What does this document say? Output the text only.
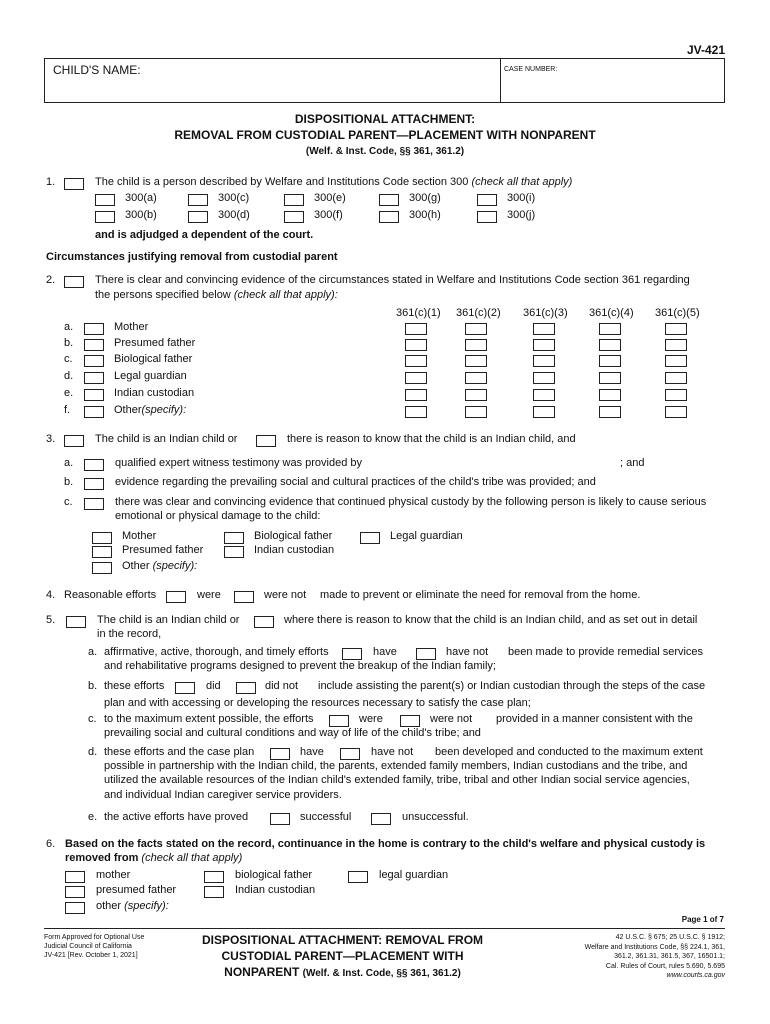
JV-421
CHILD'S NAME:	CASE NUMBER:
DISPOSITIONAL ATTACHMENT:
REMOVAL FROM CUSTODIAL PARENT—PLACEMENT WITH NONPARENT
(Welf. & Inst. Code, §§ 361, 361.2)
1.	The child is a person described by Welfare and Institutions Code section 300 (check all that apply)
300(a)	300(c)	300(e)	300(g)	300(i)
300(b)	300(d)	300(f)	300(h)	300(j)
and is adjudged a dependent of the court.
Circumstances justifying removal from custodial parent
2.	There is clear and convincing evidence of the circumstances stated in Welfare and Institutions Code section 361 regarding
the persons specified below (check all that apply):
361(c)(1) 361(c)(2) 361(c)(3) 361(c)(4) 361(c)(5)
a.	Mother
b.	Presumed father
c.	Biological father
d.	Legal guardian
e.	Indian custodian
f.	Other(specify):
3.	The child is an Indian child or	there is reason to know that the child is an Indian child, and
a.	qualified expert witness testimony was provided by	; and
b.	evidence regarding the prevailing social and cultural practices of the child's tribe was provided; and
c.	there was clear and convincing evidence that continued physical custody by the following person is likely to cause serious
emotional or physical damage to the child:
Mother	Biological father	Legal guardian
Presumed father	Indian custodian
Other (specify):
4. Reasonable efforts	were	were not made to prevent or eliminate the need for removal from the home.
5.	The child is an Indian child or	where there is reason to know that the child is an Indian child, and as set out in detail
in the record,
a. affirmative, active, thorough, and timely efforts	have	have not been made to provide remedial services
and rehabilitative programs designed to prevent the breakup of the Indian family;
b. these efforts	did	did not include assisting the parent(s) or Indian custodian through the steps of the case
plan and with accessing or developing the resources necessary to satisfy the case plan;
c. to the maximum extent possible, the efforts	were	were not provided in a manner consistent with the
prevailing social and cultural conditions and way of life of the child's tribe; and
d. these efforts and the case plan	have	have not been developed and conducted to the maximum extent
possible in partnership with the Indian child, the parents, extended family members, Indian custodians and the tribe, and
utilized the available resources of the Indian child's extended family, tribe, tribal and other Indian social service agencies,
and individual Indian caregiver service providers.
e. the active efforts have proved	successful	unsuccessful.
6. Based on the facts stated on the record, continuance in the home is contrary to the child's welfare and physical custody is
removed from (check all that apply)
mother	biological father	legal guardian
presumed father	Indian custodian
other (specify):
Page 1 of 7
Form Approved for Optional Use
Judicial Council of California
JV-421 [Rev. October 1, 2021]
DISPOSITIONAL ATTACHMENT: REMOVAL FROM
CUSTODIAL PARENT—PLACEMENT WITH
NONPARENT (Welf. & Inst. Code, §§ 361, 361.2)
42 U.S.C. § 675; 25 U.S.C. § 1912;
Welfare and Institutions Code, §§ 224.1, 361,
361.2, 361.31, 361.5, 367, 16501.1;
Cal. Rules of Court, rules 5.690, 5.695
www.courts.ca.gov
